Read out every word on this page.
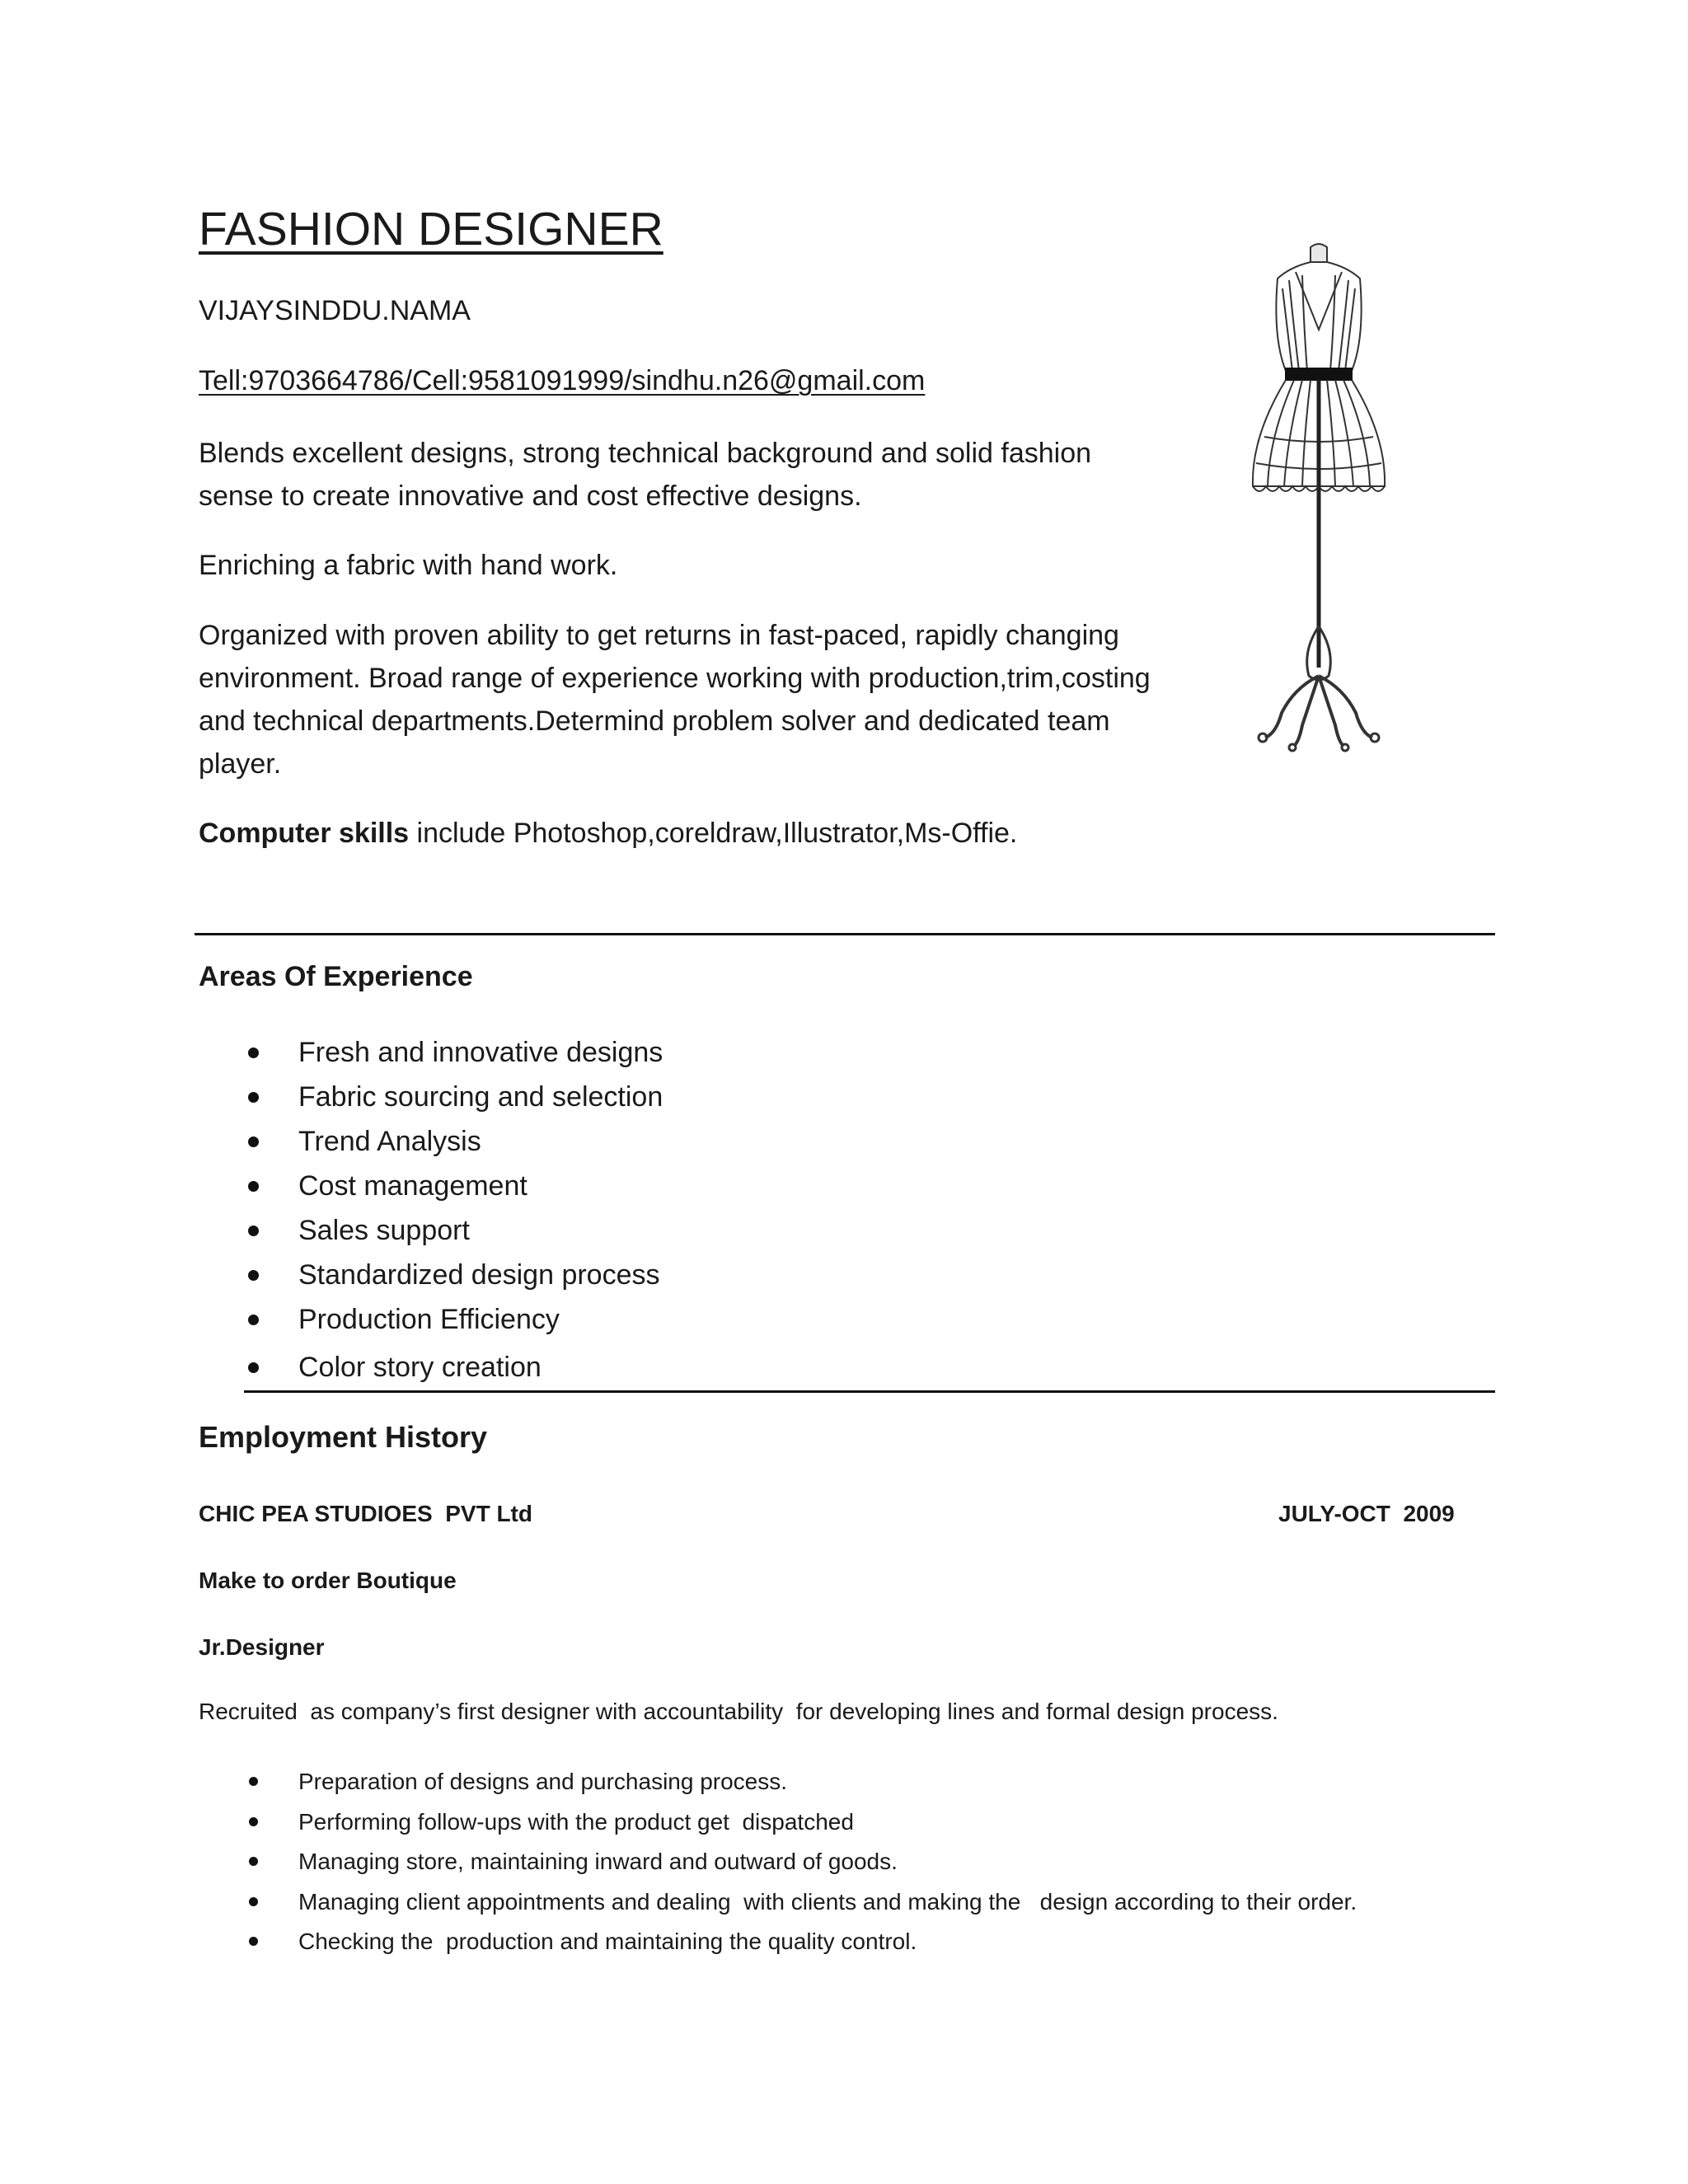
FASHION DESIGNER
VIJAYSINDDU.NAMA
Tell:9703664786/Cell:9581091999/sindhu.n26@gmail.com

Blends excellent designs, strong technical background and solid fashion sense to create innovative and cost effective designs.

Enriching a fabric with hand work.

Organized with proven ability to get returns in fast-paced, rapidly changing environment. Broad range of experience working with production,trim,costing and technical departments.Determind problem solver and dedicated team player.

Computer skills include Photoshop,coreldraw,Illustrator,Ms-Offie.

Areas Of Experience
Fresh and innovative designs
Fabric sourcing and selection
Trend Analysis
Cost management
Sales support
Standardized design process
Production Efficiency
Color story creation
Employment History
CHIC PEA STUDIOES  PVT Ltd	JULY-OCT  2009
Make to order Boutique
Jr.Designer
Recruited  as company’s first designer with accountability  for developing lines and formal design process.
Preparation of designs and purchasing process.
Performing follow-ups with the product get  dispatched
Managing store, maintaining inward and outward of goods.
Managing client appointments and dealing  with clients and making the   design according to their order.
Checking the  production and maintaining the quality control.
